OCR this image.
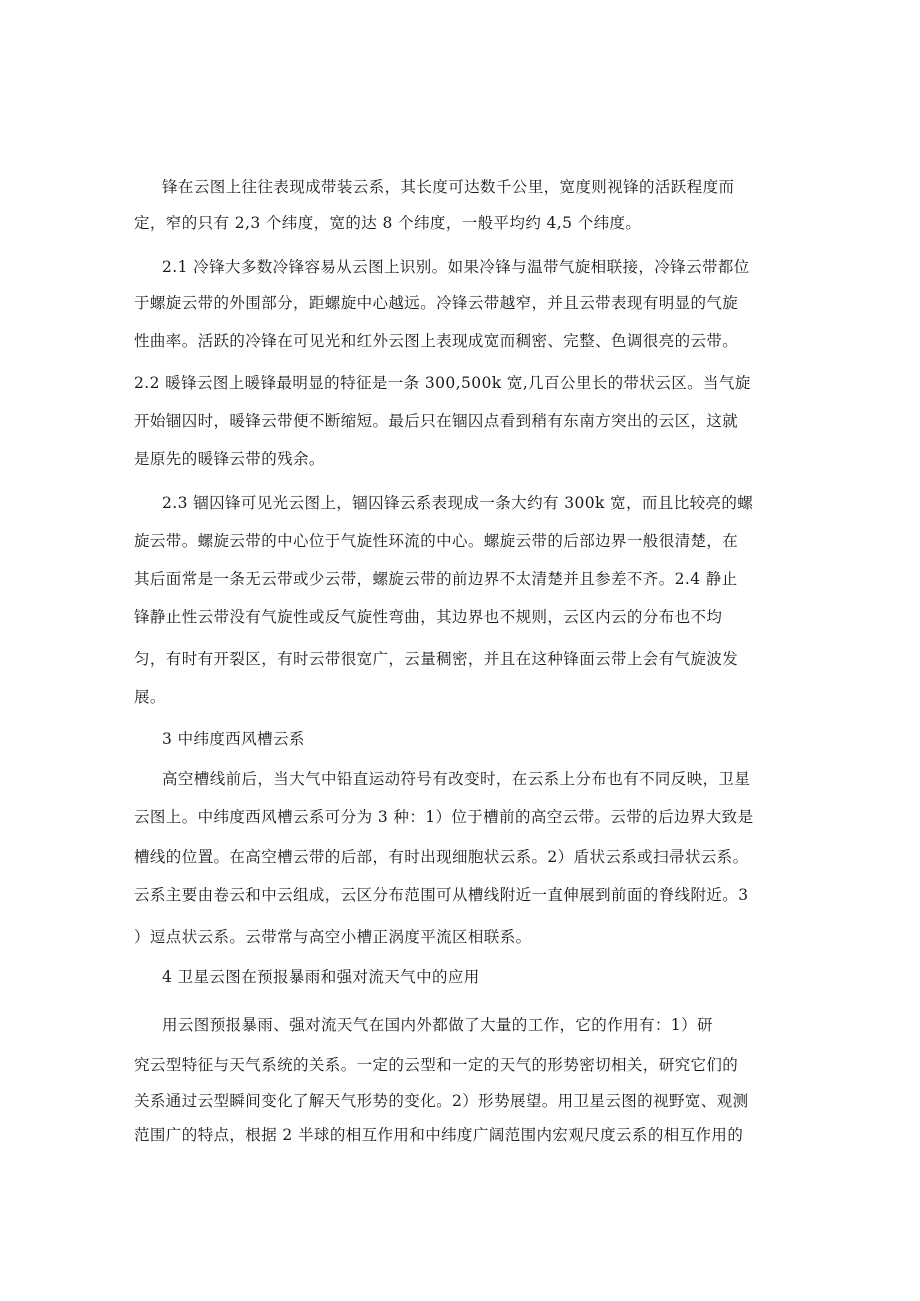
锋在云图上往往表现成带装云系，其长度可达数千公里，宽度则视锋的活跃程度而
定，窄的只有 2,3 个纬度，宽的达 8 个纬度，一般平均约 4,5 个纬度。
2.1 冷锋大多数冷锋容易从云图上识别。如果冷锋与温带气旋相联接，冷锋云带都位
于螺旋云带的外围部分，距螺旋中心越远。冷锋云带越窄，并且云带表现有明显的气旋
性曲率。活跃的冷锋在可见光和红外云图上表现成宽而稠密、完整、色调很亮的云带。
2.2 暖锋云图上暖锋最明显的特征是一条 300,500k 宽,几百公里长的带状云区。当气旋
开始锢囚时，暖锋云带便不断缩短。最后只在锢囚点看到稍有东南方突出的云区，这就
是原先的暖锋云带的残余。
2.3 锢囚锋可见光云图上，锢囚锋云系表现成一条大约有 300k 宽，而且比较亮的螺
旋云带。螺旋云带的中心位于气旋性环流的中心。螺旋云带的后部边界一般很清楚，在
其后面常是一条无云带或少云带，螺旋云带的前边界不太清楚并且参差不齐。2.4 静止
锋静止性云带没有气旋性或反气旋性弯曲，其边界也不规则，云区内云的分布也不均
匀，有时有开裂区，有时云带很宽广，云量稠密，并且在这种锋面云带上会有气旋波发
展。
3 中纬度西风槽云系
高空槽线前后，当大气中铅直运动符号有改变时，在云系上分布也有不同反映，卫星
云图上。中纬度西风槽云系可分为 3 种：1）位于槽前的高空云带。云带的后边界大致是
槽线的位置。在高空槽云带的后部，有时出现细胞状云系。2）盾状云系或扫帚状云系。
云系主要由卷云和中云组成，云区分布范围可从槽线附近一直伸展到前面的脊线附近。3
）逗点状云系。云带常与高空小槽正涡度平流区相联系。
4 卫星云图在预报暴雨和强对流天气中的应用
用云图预报暴雨、强对流天气在国内外都做了大量的工作，它的作用有：1）研
究云型特征与天气系统的关系。一定的云型和一定的天气的形势密切相关，研究它们的
关系通过云型瞬间变化了解天气形势的变化。2）形势展望。用卫星云图的视野宽、观测
范围广的特点，根据 2 半球的相互作用和中纬度广阔范围内宏观尺度云系的相互作用的
